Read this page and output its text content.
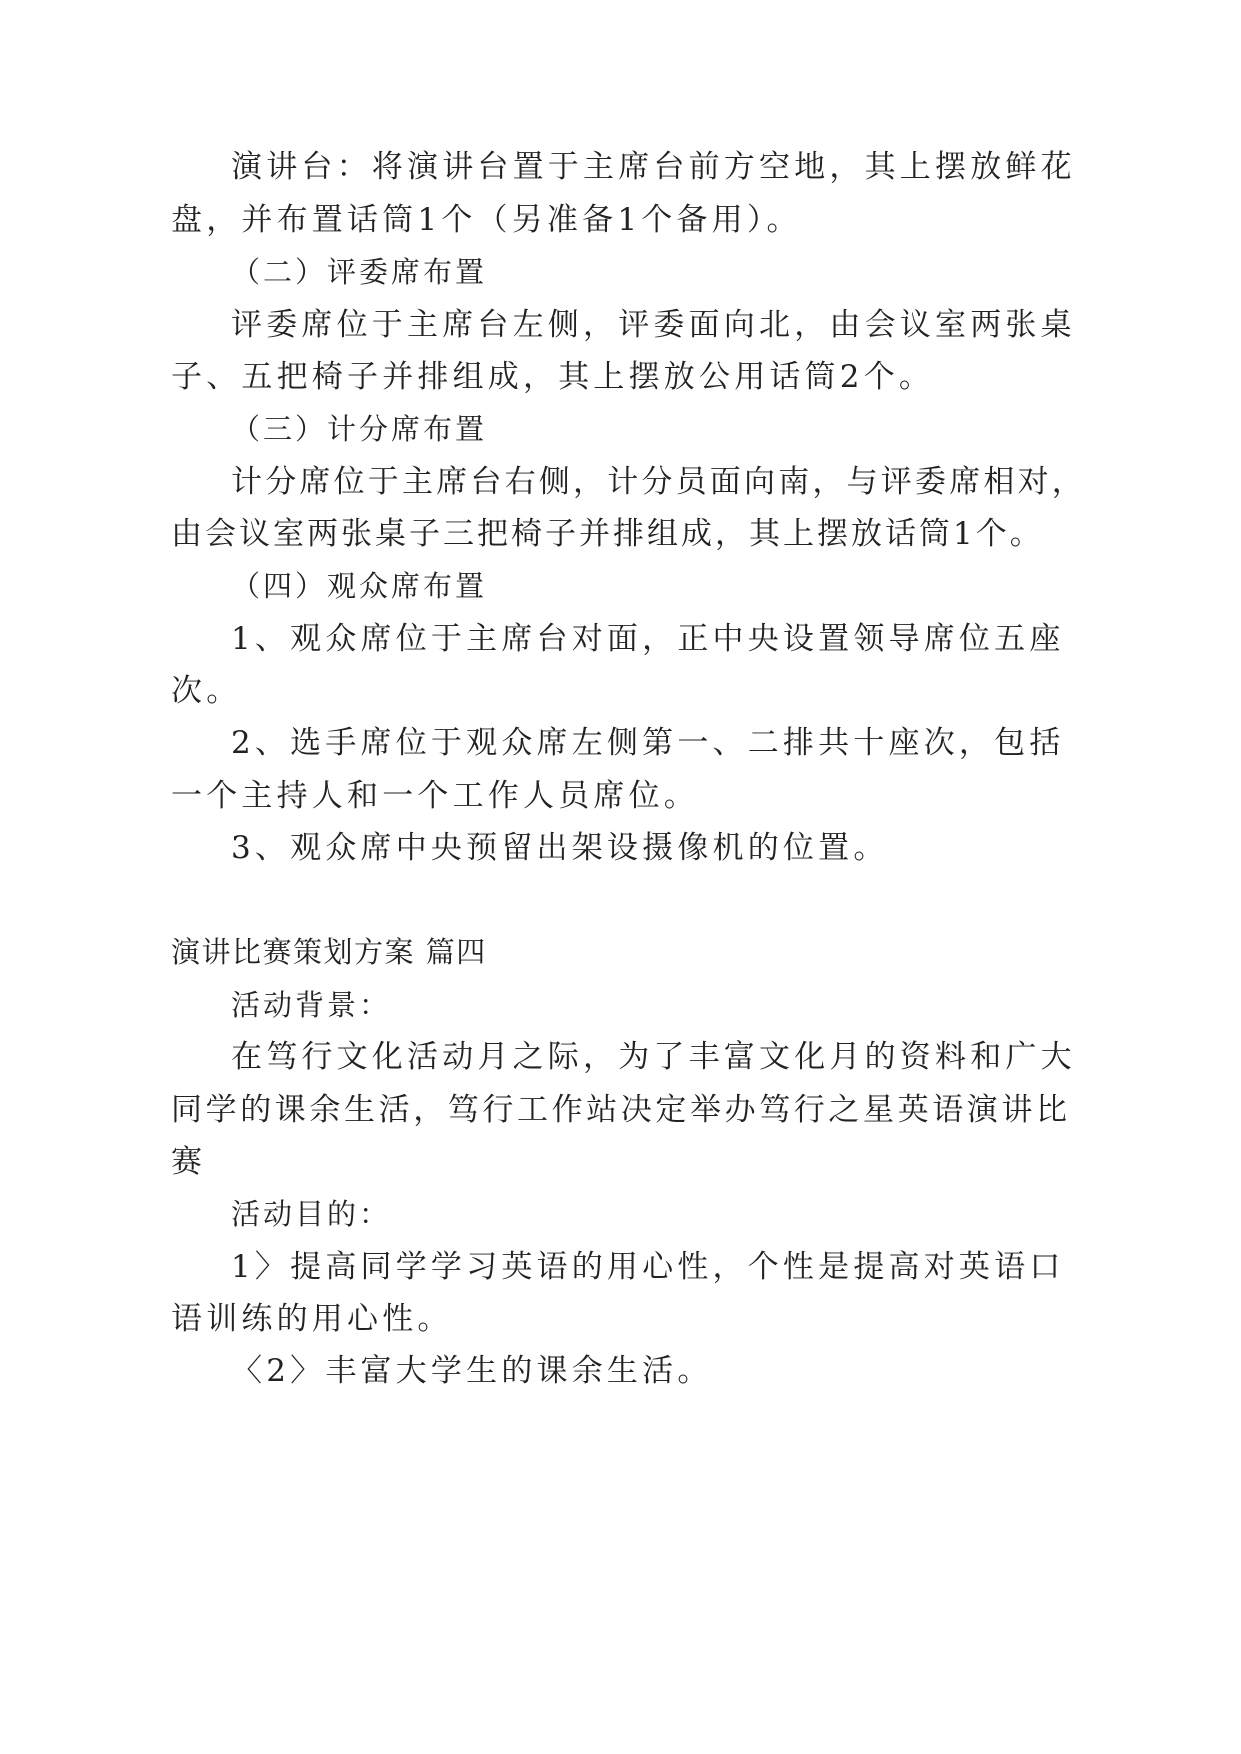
演讲台：将演讲台置于主席台前方空地，其上摆放鲜花
盘，并布置话筒1个（另准备1个备用）。
（二）评委席布置
评委席位于主席台左侧，评委面向北，由会议室两张桌
子、五把椅子并排组成，其上摆放公用话筒2个。
（三）计分席布置
计分席位于主席台右侧，计分员面向南，与评委席相对，
由会议室两张桌子三把椅子并排组成，其上摆放话筒1个。
（四）观众席布置
1、观众席位于主席台对面，正中央设置领导席位五座
次。
2、选手席位于观众席左侧第一、二排共十座次，包括
一个主持人和一个工作人员席位。
3、观众席中央预留出架设摄像机的位置。
演讲比赛策划方案 篇四
活动背景：
在笃行文化活动月之际，为了丰富文化月的资料和广大
同学的课余生活，笃行工作站决定举办笃行之星英语演讲比
赛
活动目的：
1〉提高同学学习英语的用心性，个性是提高对英语口
语训练的用心性。
〈2〉丰富大学生的课余生活。
